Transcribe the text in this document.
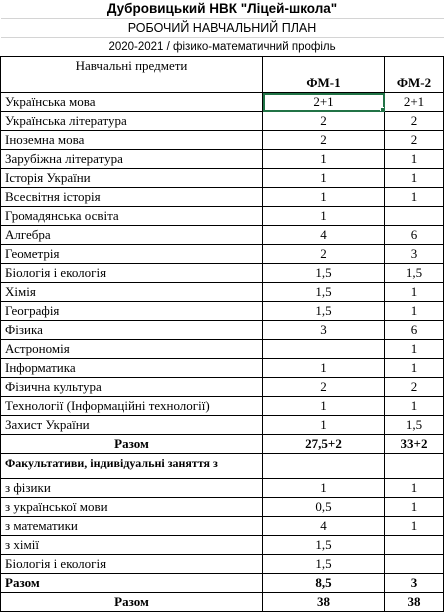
Дубровицький НВК "Ліцей-школа"		
РОБОЧИЙ НАВЧАЛЬНИЙ ПЛАН		
2020-2021 / фізико-математичний профіль		
Навчальні предмети		
	ФМ-1	ФМ-2
Українська мова	2+1	2+1
Українська література	2	2
Іноземна мова	2	2
Зарубіжна література	1	1
Історія України	1	1
Всесвітня історія	1	1
Громадянська освіта	1	
Алгебра	4	6
Геометрія	2	3
Біологія і екологія	1,5	1,5
Хімія	1,5	1
Географія	1,5	1
Фізика	3	6
Астрономія		1
Інформатика	1	1
Фізична культура	2	2
Технології (Інформаційні технології)	1	1
Захист України	1	1,5
Разом	27,5+2	33+2
Факультативи, індивідуальні заняття з		
з фізики	1	1
з української мови	0,5	1
з математики	4	1
з хімії	1,5	
Біологія і екологія	1,5	
Разом	8,5	3
Разом	38	38
